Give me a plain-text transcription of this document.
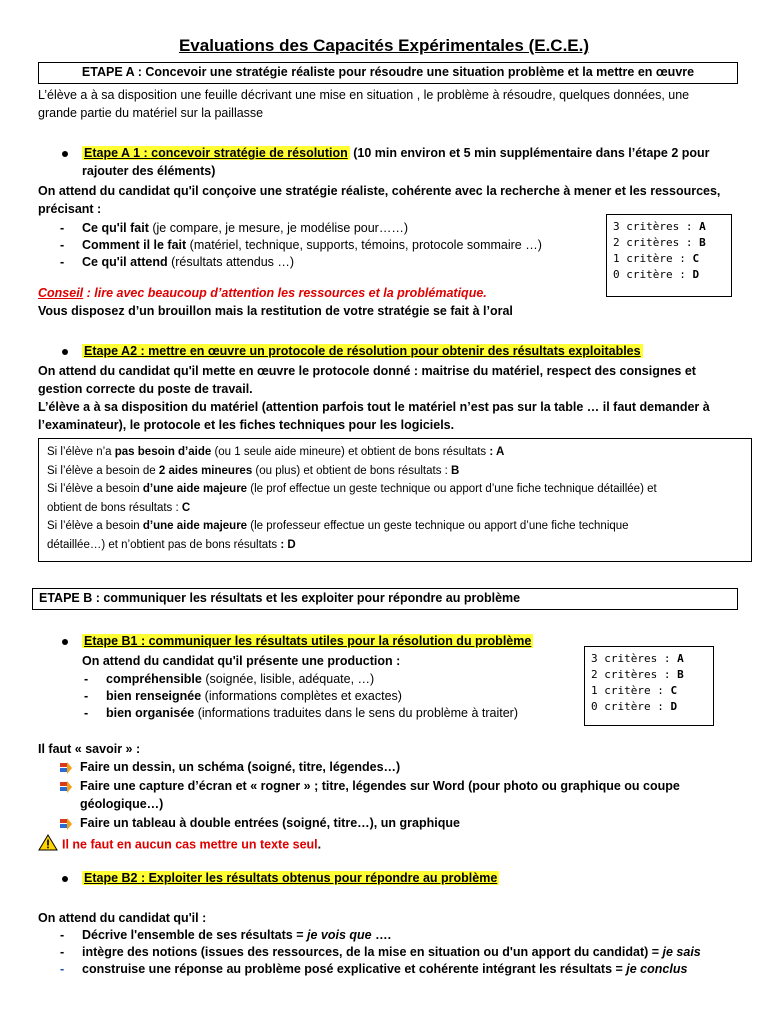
Evaluations des Capacités Expérimentales (E.C.E.)
ETAPE A : Concevoir une stratégie réaliste pour résoudre une situation problème et la mettre en œuvre
L’élève a à sa disposition une feuille décrivant une mise en situation , le problème à résoudre, quelques données, une
grande partie du matériel sur la paillasse
Etape A 1 : concevoir stratégie de résolution (10 min environ et 5 min supplémentaire dans l’étape 2 pour
rajouter des éléments)
On attend du candidat qu'il conçoive une stratégie réaliste, cohérente avec la recherche à mener et les ressources,
précisant :
- Ce qu'il fait (je compare, je mesure, je modélise pour……)
- Comment il le fait (matériel, technique, supports, témoins, protocole sommaire …)
- Ce qu'il attend (résultats attendus …)
3 critères : A
2 critères : B
1 critère : C
0 critère : D
Conseil : lire avec beaucoup d’attention les ressources et la problématique.
Vous disposez d’un brouillon mais la restitution de votre stratégie se fait à l’oral
Etape A2 : mettre en œuvre un protocole de résolution pour obtenir des résultats exploitables
On attend du candidat qu'il mette en œuvre le protocole donné : maitrise du matériel, respect des consignes et
gestion correcte du poste de travail.
L’élève a à sa disposition du matériel (attention parfois tout le matériel n’est pas sur la table … il faut demander à
l’examinateur), le protocole et les fiches techniques pour les logiciels.

Si l’élève n’a pas besoin d’aide (ou 1 seule aide mineure) et obtient de bons résultats : A

Si l’élève a besoin de 2 aides mineures (ou plus) et obtient de bons résultats : B

Si l’élève a besoin d’une aide majeure (le prof effectue un geste technique ou apport d’une fiche technique détaillée) et

obtient de bons résultats : C

Si l’élève a besoin d’une aide majeure (le professeur effectue un geste technique ou apport d’une fiche technique

détaillée…) et n’obtient pas de bons résultats : D

ETAPE B : communiquer les résultats et les exploiter pour répondre au problème
Etape B1 : communiquer les résultats utiles pour la résolution du problème
On attend du candidat qu'il présente une production :
- compréhensible (soignée, lisible, adéquate, …)
- bien renseignée (informations complètes et exactes)
- bien organisée (informations traduites dans le sens du problème à traiter)
3 critères : A
2 critères : B
1 critère : C
0 critère : D
Il faut « savoir » :
Faire un dessin, un schéma (soigné, titre, légendes…)
Faire une capture d’écran et « rogner » ; titre, légendes sur Word (pour photo ou graphique ou coupe
géologique…)
Faire un tableau à double entrées (soigné, titre…), un graphique
Il ne faut en aucun cas mettre un texte seul.
Etape B2 : Exploiter les résultats obtenus pour répondre au problème
On attend du candidat qu'il :
- Décrive l'ensemble de ses résultats = je vois que ….
- intègre des notions (issues des ressources, de la mise en situation ou d'un apport du candidat) = je sais
- construise une réponse au problème posé explicative et cohérente intégrant les résultats = je conclus
